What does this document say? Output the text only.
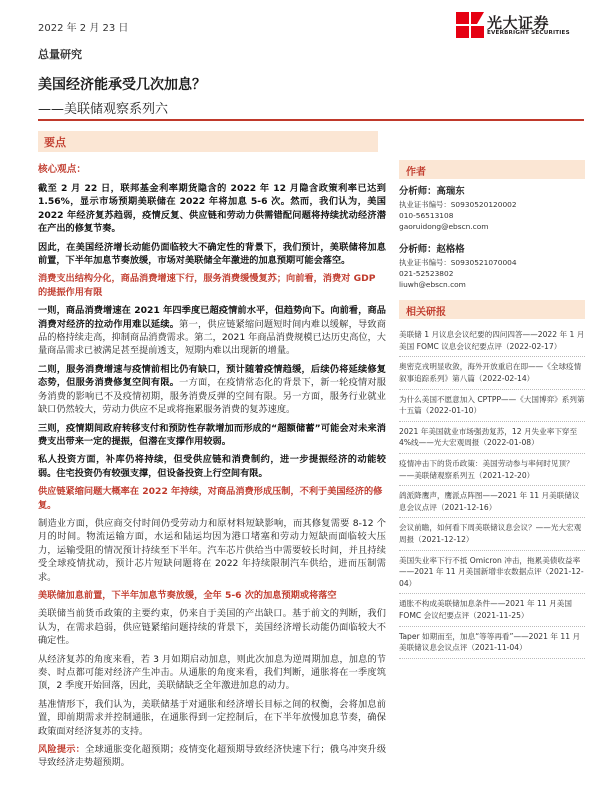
2022 年 2 月 23 日	光大证券
EVERBRIGHT SECURITIES
总量研究
美国经济能承受几次加息？
——美联储观察系列六
要点
核心观点：

截至 2 月 22 日，联邦基金利率期货隐含的 2022 年 12 月隐含政策利率已达到 1.56%，显示市场预期美联储在 2022 年将加息 5-6 次。然而，我们认为，美国 2022 年经济复苏趋弱，疫情反复、供应链和劳动力供需错配问题将持续扰动经济潜在产出的修复节奏。

因此，在美国经济增长动能仍面临较大不确定性的背景下，我们预计，美联储将加息前置，下半年加息节奏放缓，市场对美联储全年激进的加息预期可能会落空。

消费支出结构分化，商品消费增速下行，服务消费缓慢复苏；向前看，消费对 GDP 的提振作用有限

一则，商品消费增速在 2021 年四季度已超疫情前水平，但趋势向下。向前看，商品消费对经济的拉动作用难以延续。第一，供应链紧缩问题短时间内难以缓解，导致商品的格持续走高，抑制商品消费需求。第二，2021 年商品消费规模已达历史高位，大量商品需求已被满足甚至提前透支，短期内难以出现新的增量。

二则，服务消费增速与疫情前相比仍有缺口，预计随着疫情趋缓，后续仍将延续修复态势，但服务消费修复空间有限。一方面，在疫情常态化的背景下，新一轮疫情对服务消费的影响已不及疫情初期，服务消费反弹的空间有限。另一方面，服务行业就业缺口仍然较大，劳动力供应不足或将拖累服务消费的复苏速度。

三则，疫情期间政府转移支付和预防性存款增加而形成的“超额储蓄”可能会对未来消费支出带来一定的提振，但潜在支撑作用较弱。

私人投资方面，补库仍将持续，但受供应链和消费制约，进一步提振经济的动能较弱。住宅投资仍有较强支撑，但设备投资上行空间有限。

供应链紧缩问题大概率在 2022 年持续，对商品消费形成压制，不利于美国经济的修复。

制造业方面，供应商交付时间仍受劳动力和原材料短缺影响，而其修复需要 8-12 个月的时间。物流运输方面，水运和陆运均因为港口堵塞和劳动力短缺而面临较大压力，运输受阻的情况预计持续至下半年。汽车芯片供给当中需要较长时间，并且持续受全球疫情扰动，预计芯片短缺问题将在 2022 年持续限制汽车供给，进而压制需求。

美联储加息前置，下半年加息节奏放缓，全年 5-6 次的加息预期或将落空

美联储当前货币政策的主要约束，仍来自于美国的产出缺口。基于前文的判断，我们认为，在需求趋弱，供应链紧缩问题持续的背景下，美国经济增长动能仍面临较大不确定性。

从经济复苏的角度来看，若 3 月如期启动加息，则此次加息为逆周期加息，加息的节奏、时点都可能对经济产生冲击。从通胀的角度来看，我们判断，通胀将在一季度筑顶，2 季度开始回落，因此，美联储缺乏全年激进加息的动力。

基准情形下，我们认为，美联储基于对通胀和经济增长目标之间的权衡，会将加息前置，即前期需求并控制通胀，在通胀得到一定控制后，在下半年放慢加息节奏，确保政策面对经济复苏的支持。

风险提示：全球通胀变化超预期；疫情变化超预期导致经济快速下行；俄乌冲突升级导致经济走势超预期。

作者
分析师：高瑞东
执业证书编号：S0930520120002
010-56513108
gaoruidong@ebscn.com
分析师：赵格格
执业证书编号：S0930521070004
021-52523802
liuwh@ebscn.com
相关研报
美联储 1 月议息会议纪要的四问四答——2022 年 1 月美国 FOMC 议息会议纪要点评（2022-02-17）
奥密克戎明显收敛，海外开放重启在即——《全球疫情叙事追踪系列》第八篇（2022-02-14）
为什么美国不愿意加入 CPTPP——《大国博弈》系列第十五篇（2022-01-10）
2021 年美国就业市场强劲复苏，12 月失业率下穿至 4%线——光大宏观周报（2022-01-08）
疫情冲击下的货币政策：美国劳动参与率何时见顶？——美联储观察系列五（2021-12-20）
鸽派降鹰声，鹰派点阵图——2021 年 11 月美联储议息会议点评（2021-12-16）
会议前瞻，如何看下周美联储议息会议？——光大宏观周报（2021-12-12）
美国失业率下行不抵 Omicron 冲击，拖累美债收益率——2021 年 11 月美国新增非农数据点评（2021-12-04）
通胀不构成美联储加息条件——2021 年 11 月美国 FOMC 会议纪要点评（2021-11-25）
Taper 如期而至，加息“等等再看”——2021 年 11 月美联储议息会议点评（2021-11-04）
